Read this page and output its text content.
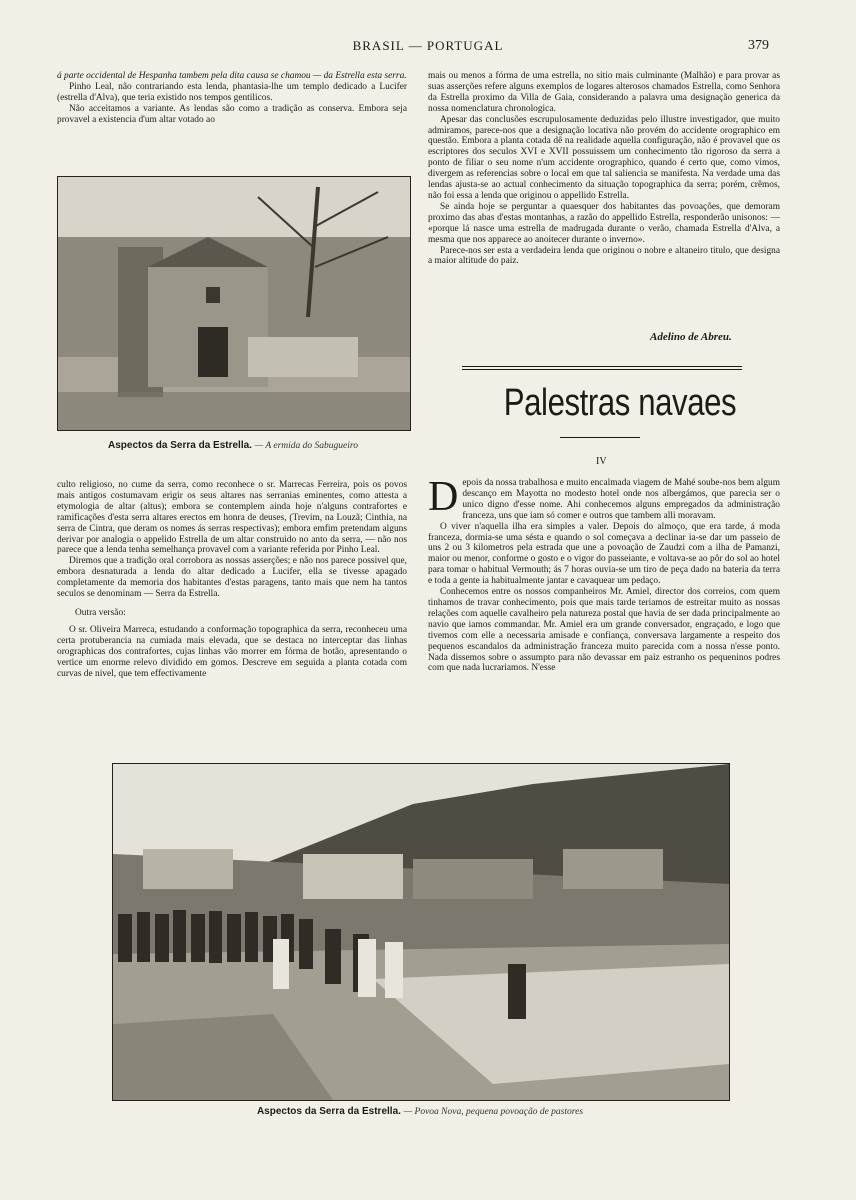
BRASIL — PORTUGAL	379

á parte occidental de Hespanha tambem pela dita causa se chamou — da Estrella esta serra.

Pinho Leal, não contrariando esta lenda, phantasia-lhe um templo dedicado a Lucifer (estrella d'Alva), que teria existido nos tempos gentilicos.

Não acceitamos a variante. As lendas são como a tradição as conserva. Embora seja provavel a existencia d'um altar votado ao

Aspectos da Serra da Estrella. — A ermida do Sabugueiro

culto religioso, no cume da serra, como reconhece o sr. Marrecas Ferreira, pois os povos mais antigos costumavam erigir os seus altares nas serranias eminentes, como attesta a etymologia de altar (altus); embora se contemplem ainda hoje n'alguns contrafortes e ramificações d'esta serra altares erectos em honra de deuses, (Trevim, na Louzã; Cinthia, na serra de Cintra, que deram os nomes ás serras respectivas); embora emfim pretendam alguns derivar por analogia o appelido Estrella de um altar construido no anto da serra, — não nos parece que a lenda tenha semelhança provavel com a variante referida por Pinho Leal.

Diremos que a tradição oral corrobora as nossas asserções; e não nos parece possivel que, embora desnaturada a lenda do altar dedicado a Lucifer, ella se tivesse apagado completamente da memoria dos habitantes d'estas paragens, tanto mais que nem ha tantos seculos se denominam — Serra da Estrella.

Outra versão:

O sr. Oliveira Marreca, estudando a conformação topographica da serra, reconheceu uma certa protuberancia na cumiada mais elevada, que se destaca no interceptar das linhas orographicas dos contrafortes, cujas linhas vão morrer em fórma de botão, apresentando o vertice um enorme relevo dividido em gomos. Descreve em seguida a planta cotada com curvas de nivel, que tem effectivamente

mais ou menos a fórma de uma estrella, no sitio mais culminante (Malhão) e para provar as suas asserções refere alguns exemplos de logares alterosos chamados Estrella, como Senhora da Estrella proximo da Villa de Gaia, considerando a palavra uma designação generica da nossa nomenclatura chronologica.

Apesar das conclusões escrupulosamente deduzidas pelo illustre investigador, que muito admiramos, parece-nos que a designação locativa não provém do accidente orographico em questão. Embora a planta cotada dê na realidade aquella configuração, não é provavel que os escriptores dos seculos XVI e XVII possuissem um conhecimento tão rigoroso da serra a ponto de filiar o seu nome n'um accidente orographico, quando é certo que, como vimos, divergem as referencias sobre o local em que tal saliencia se manifesta. Na verdade uma das lendas ajusta-se ao actual conhecimento da situação topographica da serra; porém, crêmos, não foi essa a lenda que originou o appellido Estrella.

Se ainda hoje se perguntar a quaesquer dos habitantes das povoações, que demoram proximo das abas d'estas montanhas, a razão do appellido Estrella, responderão unisonos: — «porque lá nasce uma estrella de madrugada durante o verão, chamada Estrella d'Alva, a mesma que nos apparece ao anoitecer durante o inverno».

Parece-nos ser esta a verdadeira lenda que originou o nobre e altaneiro titulo, que designa a maior altitude do paiz.

Adelino de Abreu.
Palestras navaes
IV

Depois da nossa trabalhosa e muito encalmada viagem de Mahé soube-nos bem algum descanço em Mayotta no modesto hotel onde nos albergámos, que parecia ser o unico digno d'esse nome. Ahi conhecemos alguns empregados da administração franceza, uns que iam só comer e outros que tambem alli moravam.

O viver n'aquella ilha era simples a valer. Depois do almoço, que era tarde, á moda franceza, dormia-se uma sésta e quando o sol começava a declinar ia-se dar um passeio de uns 2 ou 3 kilometros pela estrada que une a povoação de Zaudzi com a ilha de Pamanzi, maior ou menor, conforme o gosto e o vigor do passeiante, e voltava-se ao pôr do sol ao hotel para tomar o habitual Vermouth; ás 7 horas ouvia-se um tiro de peça dado na bateria da terra e toda a gente ia habitualmente jantar e cavaquear um pedaço.

Conhecemos entre os nossos companheiros Mr. Amiel, director dos correios, com quem tinhamos de travar conhecimento, pois que mais tarde teriamos de estreitar muito as nossas relações com aquelle cavalheiro pela natureza postal que havia de ser dada principalmente ao navio que iamos commandar. Mr. Amiel era um grande conversador, engraçado, e logo que tivemos com elle a necessaria amisade e confiança, conversava largamente a respeito dos pequenos escandalos da administração franceza muito parecida com a nossa n'esse ponto. Nada dissemos sobre o assumpto para não devassar em paiz estranho os pequeninos podres com que nada lucrariamos. N'esse

Aspectos da Serra da Estrella. — Povoa Nova, pequena povoação de pastores
